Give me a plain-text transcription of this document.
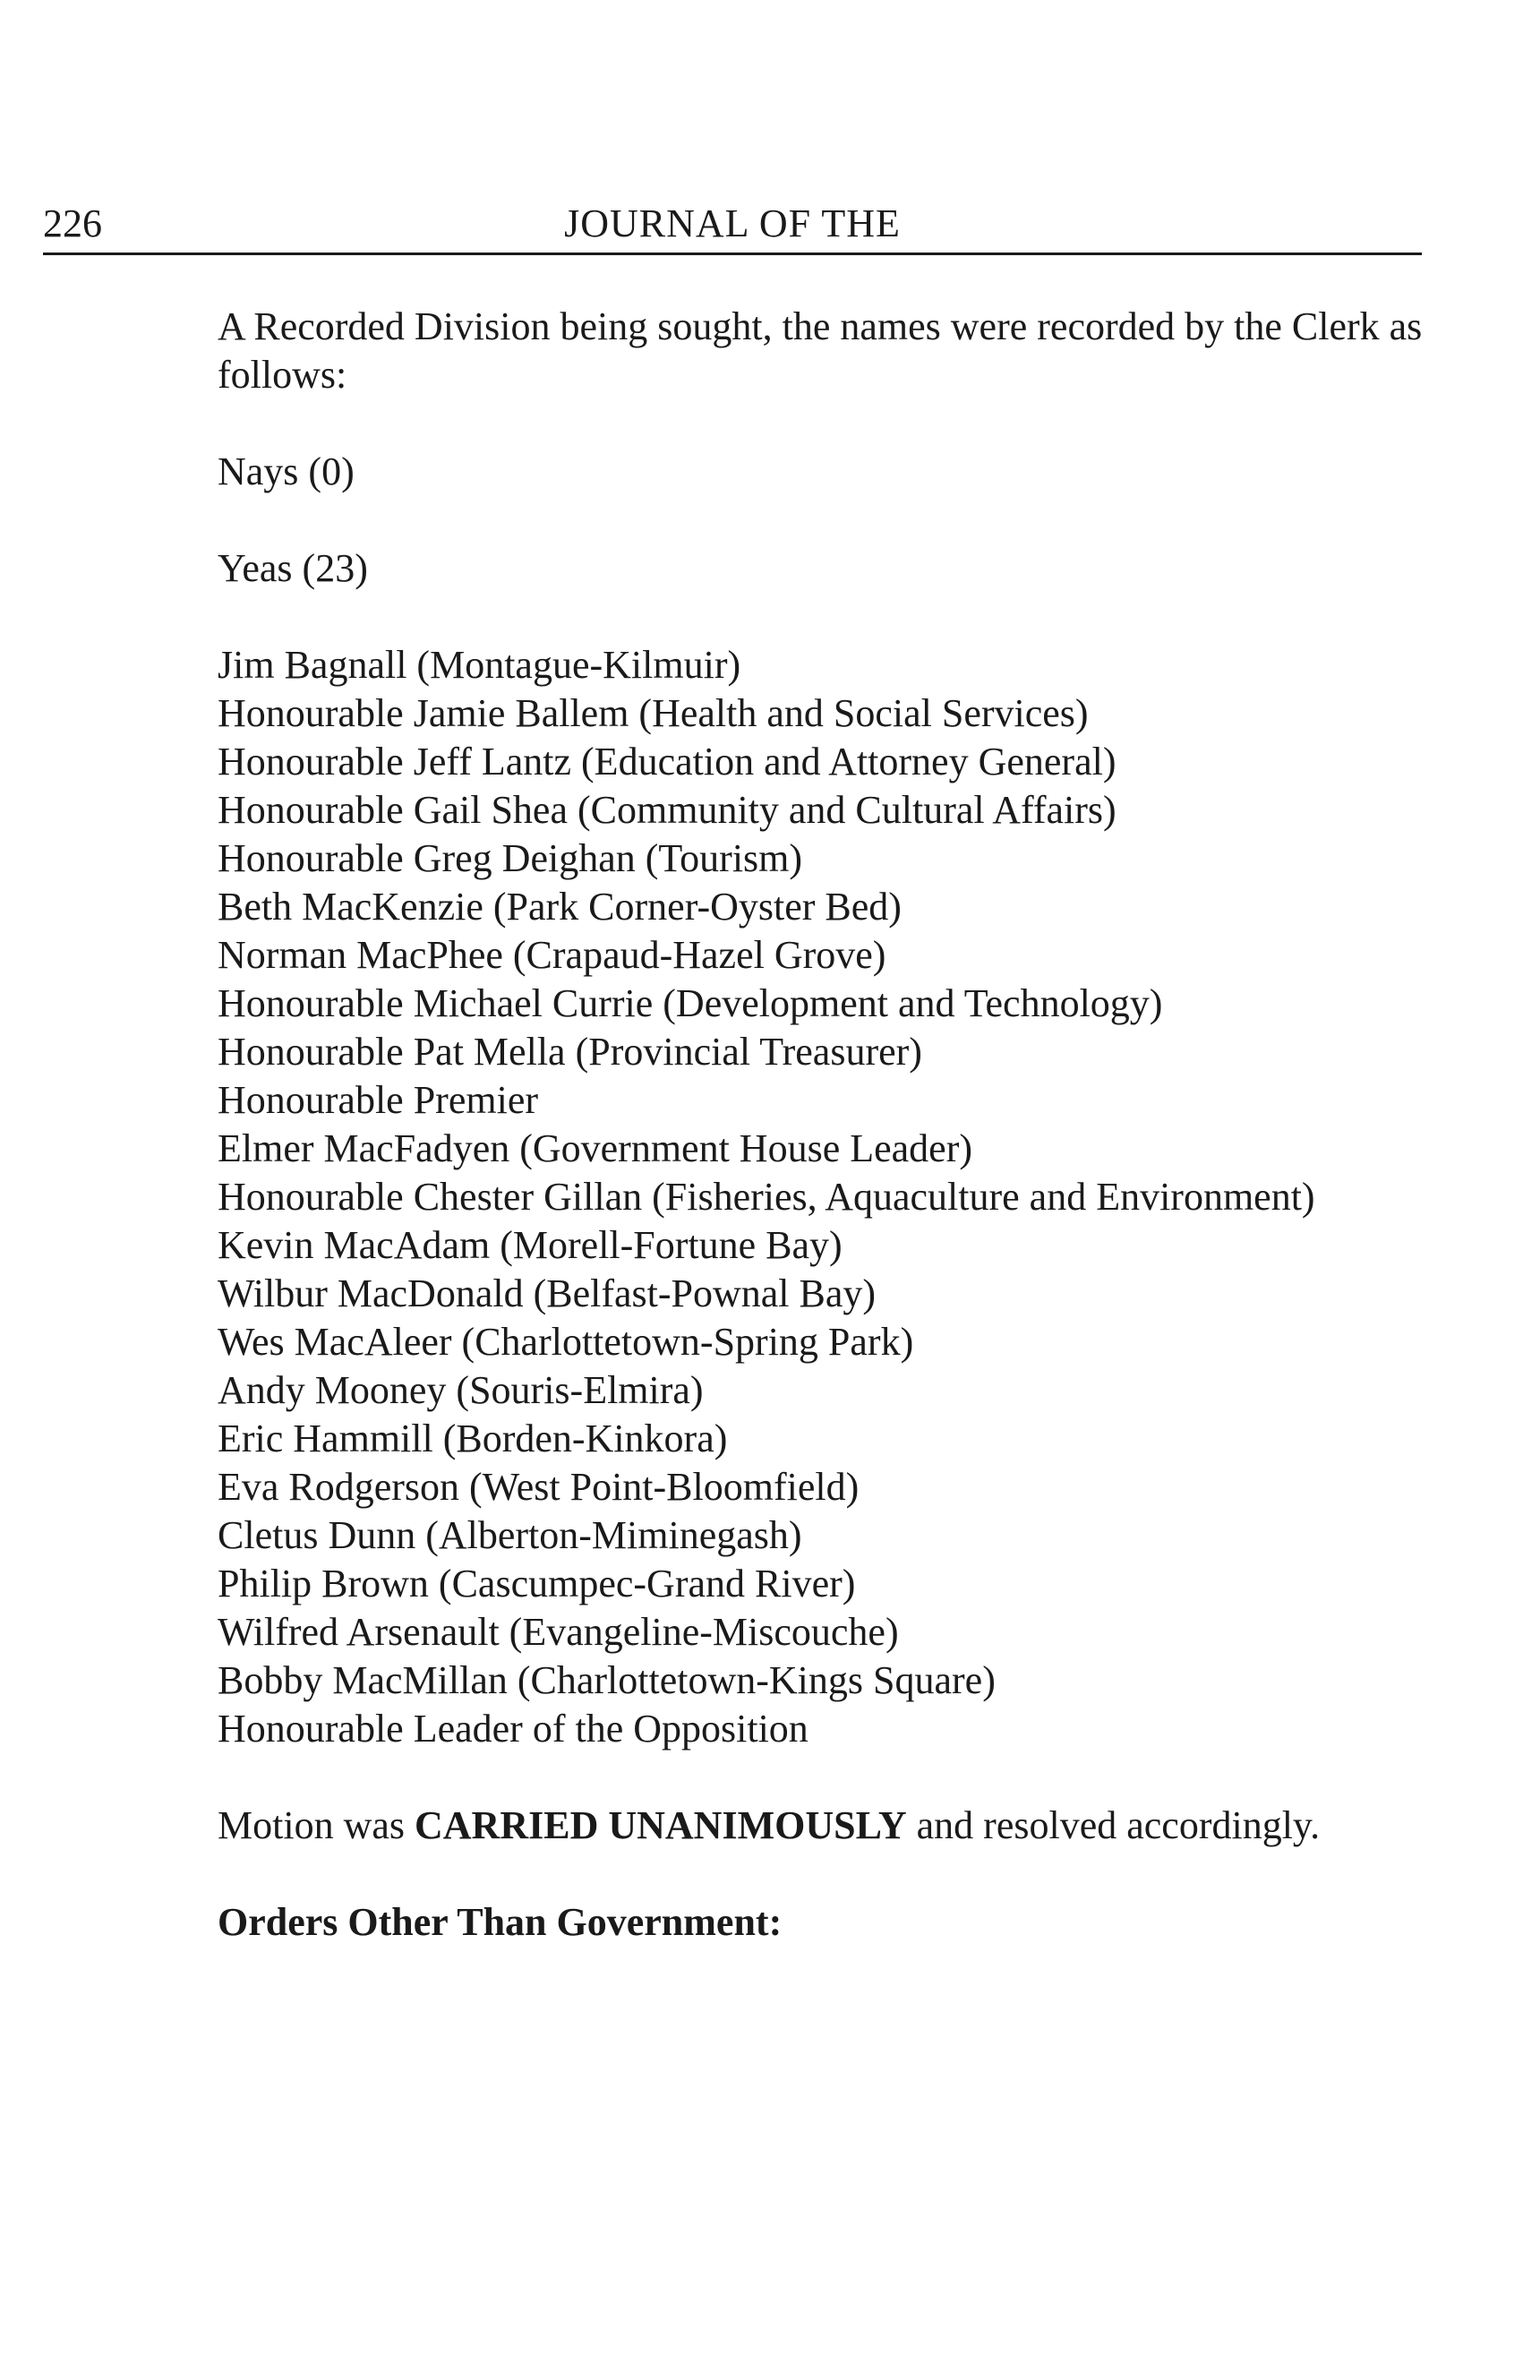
226	JOURNAL OF THE

A Recorded Division being sought, the names were recorded by the Clerk as follows:

Nays (0)

Yeas (23)

Jim Bagnall (Montague-Kilmuir)
Honourable Jamie Ballem (Health and Social Services)
Honourable Jeff Lantz (Education and Attorney General)
Honourable Gail Shea (Community and Cultural Affairs)
Honourable Greg Deighan (Tourism)
Beth MacKenzie (Park Corner-Oyster Bed)
Norman MacPhee (Crapaud-Hazel Grove)
Honourable Michael Currie (Development and Technology)
Honourable Pat Mella (Provincial Treasurer)
Honourable Premier
Elmer MacFadyen (Government House Leader)
Honourable Chester Gillan (Fisheries, Aquaculture and Environment)
Kevin MacAdam (Morell-Fortune Bay)
Wilbur MacDonald (Belfast-Pownal Bay)
Wes MacAleer (Charlottetown-Spring Park)
Andy Mooney (Souris-Elmira)
Eric Hammill (Borden-Kinkora)
Eva Rodgerson (West Point-Bloomfield)
Cletus Dunn (Alberton-Miminegash)
Philip Brown (Cascumpec-Grand River)
Wilfred Arsenault (Evangeline-Miscouche)
Bobby MacMillan (Charlottetown-Kings Square)
Honourable Leader of the Opposition

Motion was CARRIED UNANIMOUSLY and resolved accordingly.

Orders Other Than Government:
